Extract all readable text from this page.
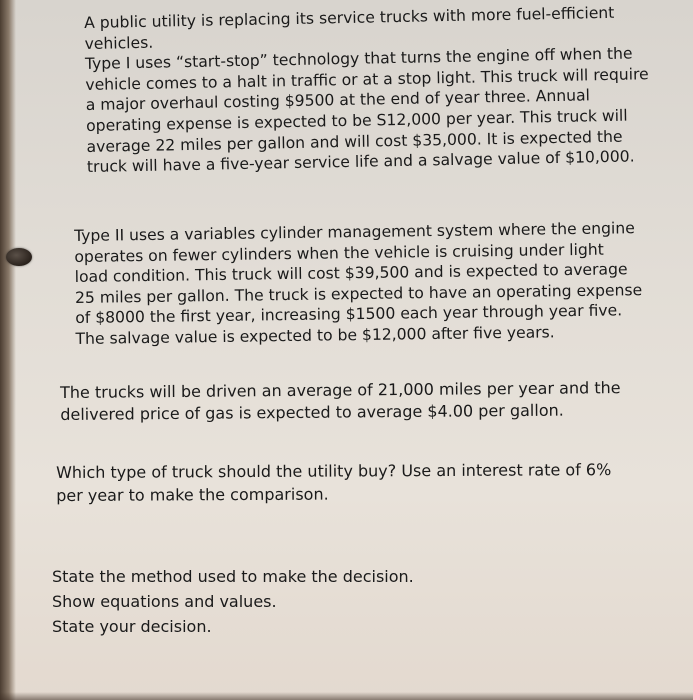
A public utility is replacing its service trucks with more fuel-efficient
vehicles.
Type I uses “start-stop” technology that turns the engine off when the
vehicle comes to a halt in traffic or at a stop light. This truck will require
a major overhaul costing $9500 at the end of year three. Annual
operating expense is expected to be S12,000 per year. This truck will
average 22 miles per gallon and will cost $35,000. It is expected the
truck will have a five-year service life and a salvage value of $10,000.

Type II uses a variables cylinder management system where the engine
operates on fewer cylinders when the vehicle is cruising under light
load condition. This truck will cost $39,500 and is expected to average
25 miles per gallon. The truck is expected to have an operating expense
of $8000 the first year, increasing $1500 each year through year five.
The salvage value is expected to be $12,000 after five years.

The trucks will be driven an average of 21,000 miles per year and the
delivered price of gas is expected to average $4.00 per gallon.

Which type of truck should the utility buy? Use an interest rate of 6%
per year to make the comparison.

State the method used to make the decision.
Show equations and values.
State your decision.
